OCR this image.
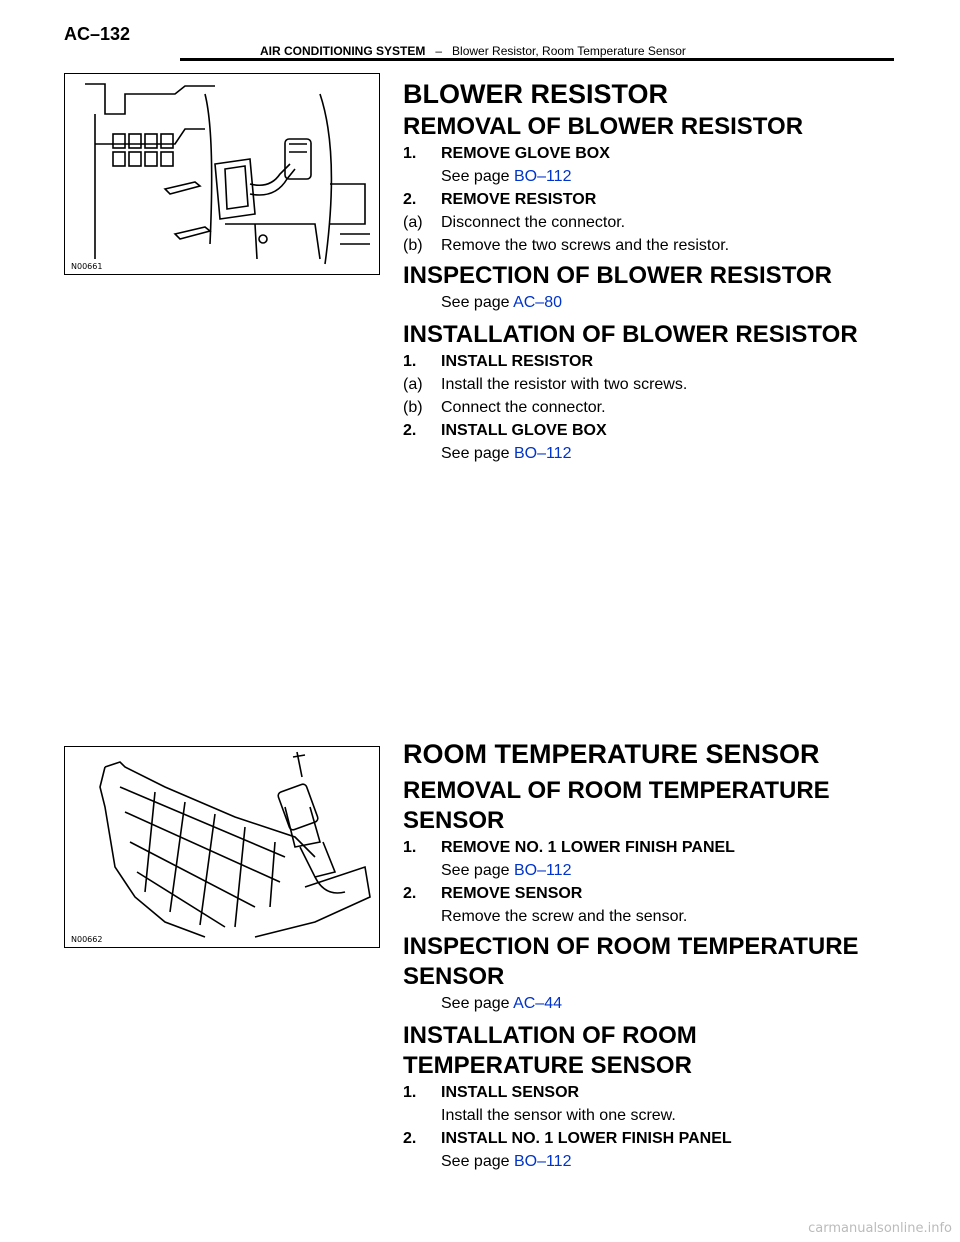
AC–132
AIR CONDITIONING SYSTEM – Blower Resistor, Room Temperature Sensor
N00661
N00662
BLOWER RESISTOR
REMOVAL OF BLOWER RESISTOR
1.	REMOVE GLOVE BOX
See page BO–112
2.	REMOVE RESISTOR
(a)	Disconnect the connector.
(b)	Remove the two screws and the resistor.
INSPECTION OF BLOWER RESISTOR
See page AC–80
INSTALLATION OF BLOWER RESISTOR
1.	INSTALL RESISTOR
(a)	Install the resistor with two screws.
(b)	Connect the connector.
2.	INSTALL GLOVE BOX
See page BO–112
ROOM TEMPERATURE SENSOR
REMOVAL OF ROOM TEMPERATURE
SENSOR
1.	REMOVE NO. 1 LOWER FINISH PANEL
See page BO–112
2.	REMOVE SENSOR
Remove the screw and the sensor.
INSPECTION OF ROOM TEMPERATURE
SENSOR
See page AC–44
INSTALLATION OF ROOM
TEMPERATURE SENSOR
1.	INSTALL SENSOR
Install the sensor with one screw.
2.	INSTALL NO. 1 LOWER FINISH PANEL
See page BO–112
carmanualsonline.info
